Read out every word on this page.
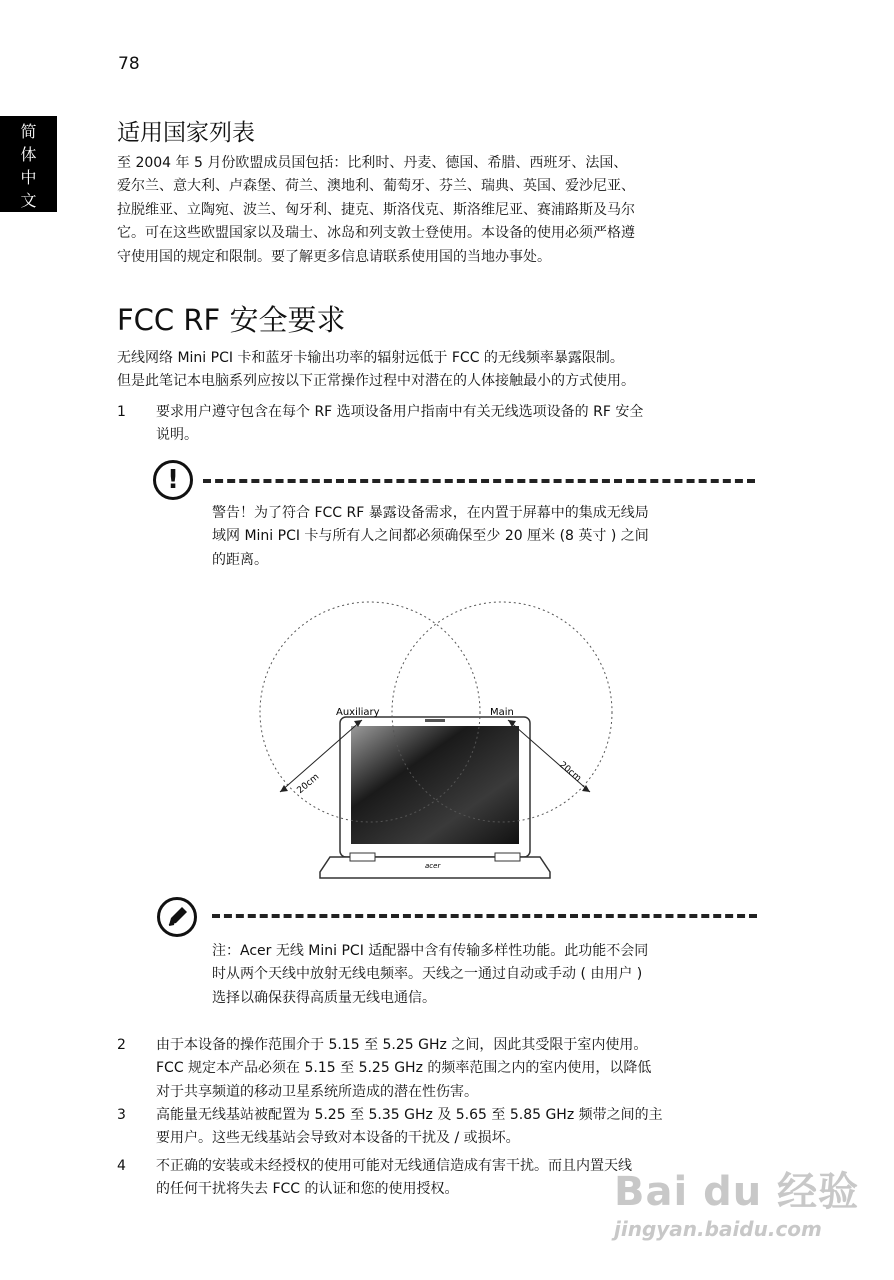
78
简
体
中
文
适用国家列表
至 2004 年 5 月份欧盟成员国包括：比利时、丹麦、德国、希腊、西班牙、法国、
爱尔兰、意大利、卢森堡、荷兰、澳地利、葡萄牙、芬兰、瑞典、英国、爱沙尼亚、
拉脱维亚、立陶宛、波兰、匈牙利、捷克、斯洛伐克、斯洛维尼亚、赛浦路斯及马尔
它。可在这些欧盟国家以及瑞士、冰岛和列支敦士登使用。本设备的使用必须严格遵
守使用国的规定和限制。要了解更多信息请联系使用国的当地办事处。
FCC RF 安全要求
无线网络 Mini PCI 卡和蓝牙卡输出功率的辐射远低于 FCC 的无线频率暴露限制。
但是此笔记本电脑系列应按以下正常操作过程中对潜在的人体接触最小的方式使用。
1 要求用户遵守包含在每个 RF 选项设备用户指南中有关无线选项设备的 RF 安全
说明。
!
警告！为了符合 FCC RF 暴露设备需求，在内置于屏幕中的集成无线局
域网 Mini PCI 卡与所有人之间都必须确保至少 20 厘米 (8 英寸 ) 之间
的距离。
Auxiliary	Main
20cm
20cm
acer
注：Acer 无线 Mini PCI 适配器中含有传输多样性功能。此功能不会同
时从两个天线中放射无线电频率。天线之一通过自动或手动 ( 由用户 )
选择以确保获得高质量无线电通信。
2 由于本设备的操作范围介于 5.15 至 5.25 GHz 之间，因此其受限于室内使用。
FCC 规定本产品必须在 5.15 至 5.25 GHz 的频率范围之内的室内使用，以降低
对于共享频道的移动卫星系统所造成的潜在性伤害。
3 高能量无线基站被配置为 5.25 至 5.35 GHz 及 5.65 至 5.85 GHz 频带之间的主
要用户。这些无线基站会导致对本设备的干扰及 / 或损坏。
4 不正确的安装或未经授权的使用可能对无线通信造成有害干扰。而且内置天线
的任何干扰将失去 FCC 的认证和您的使用授权。	Bai du 经验
jingyan.baidu.com
